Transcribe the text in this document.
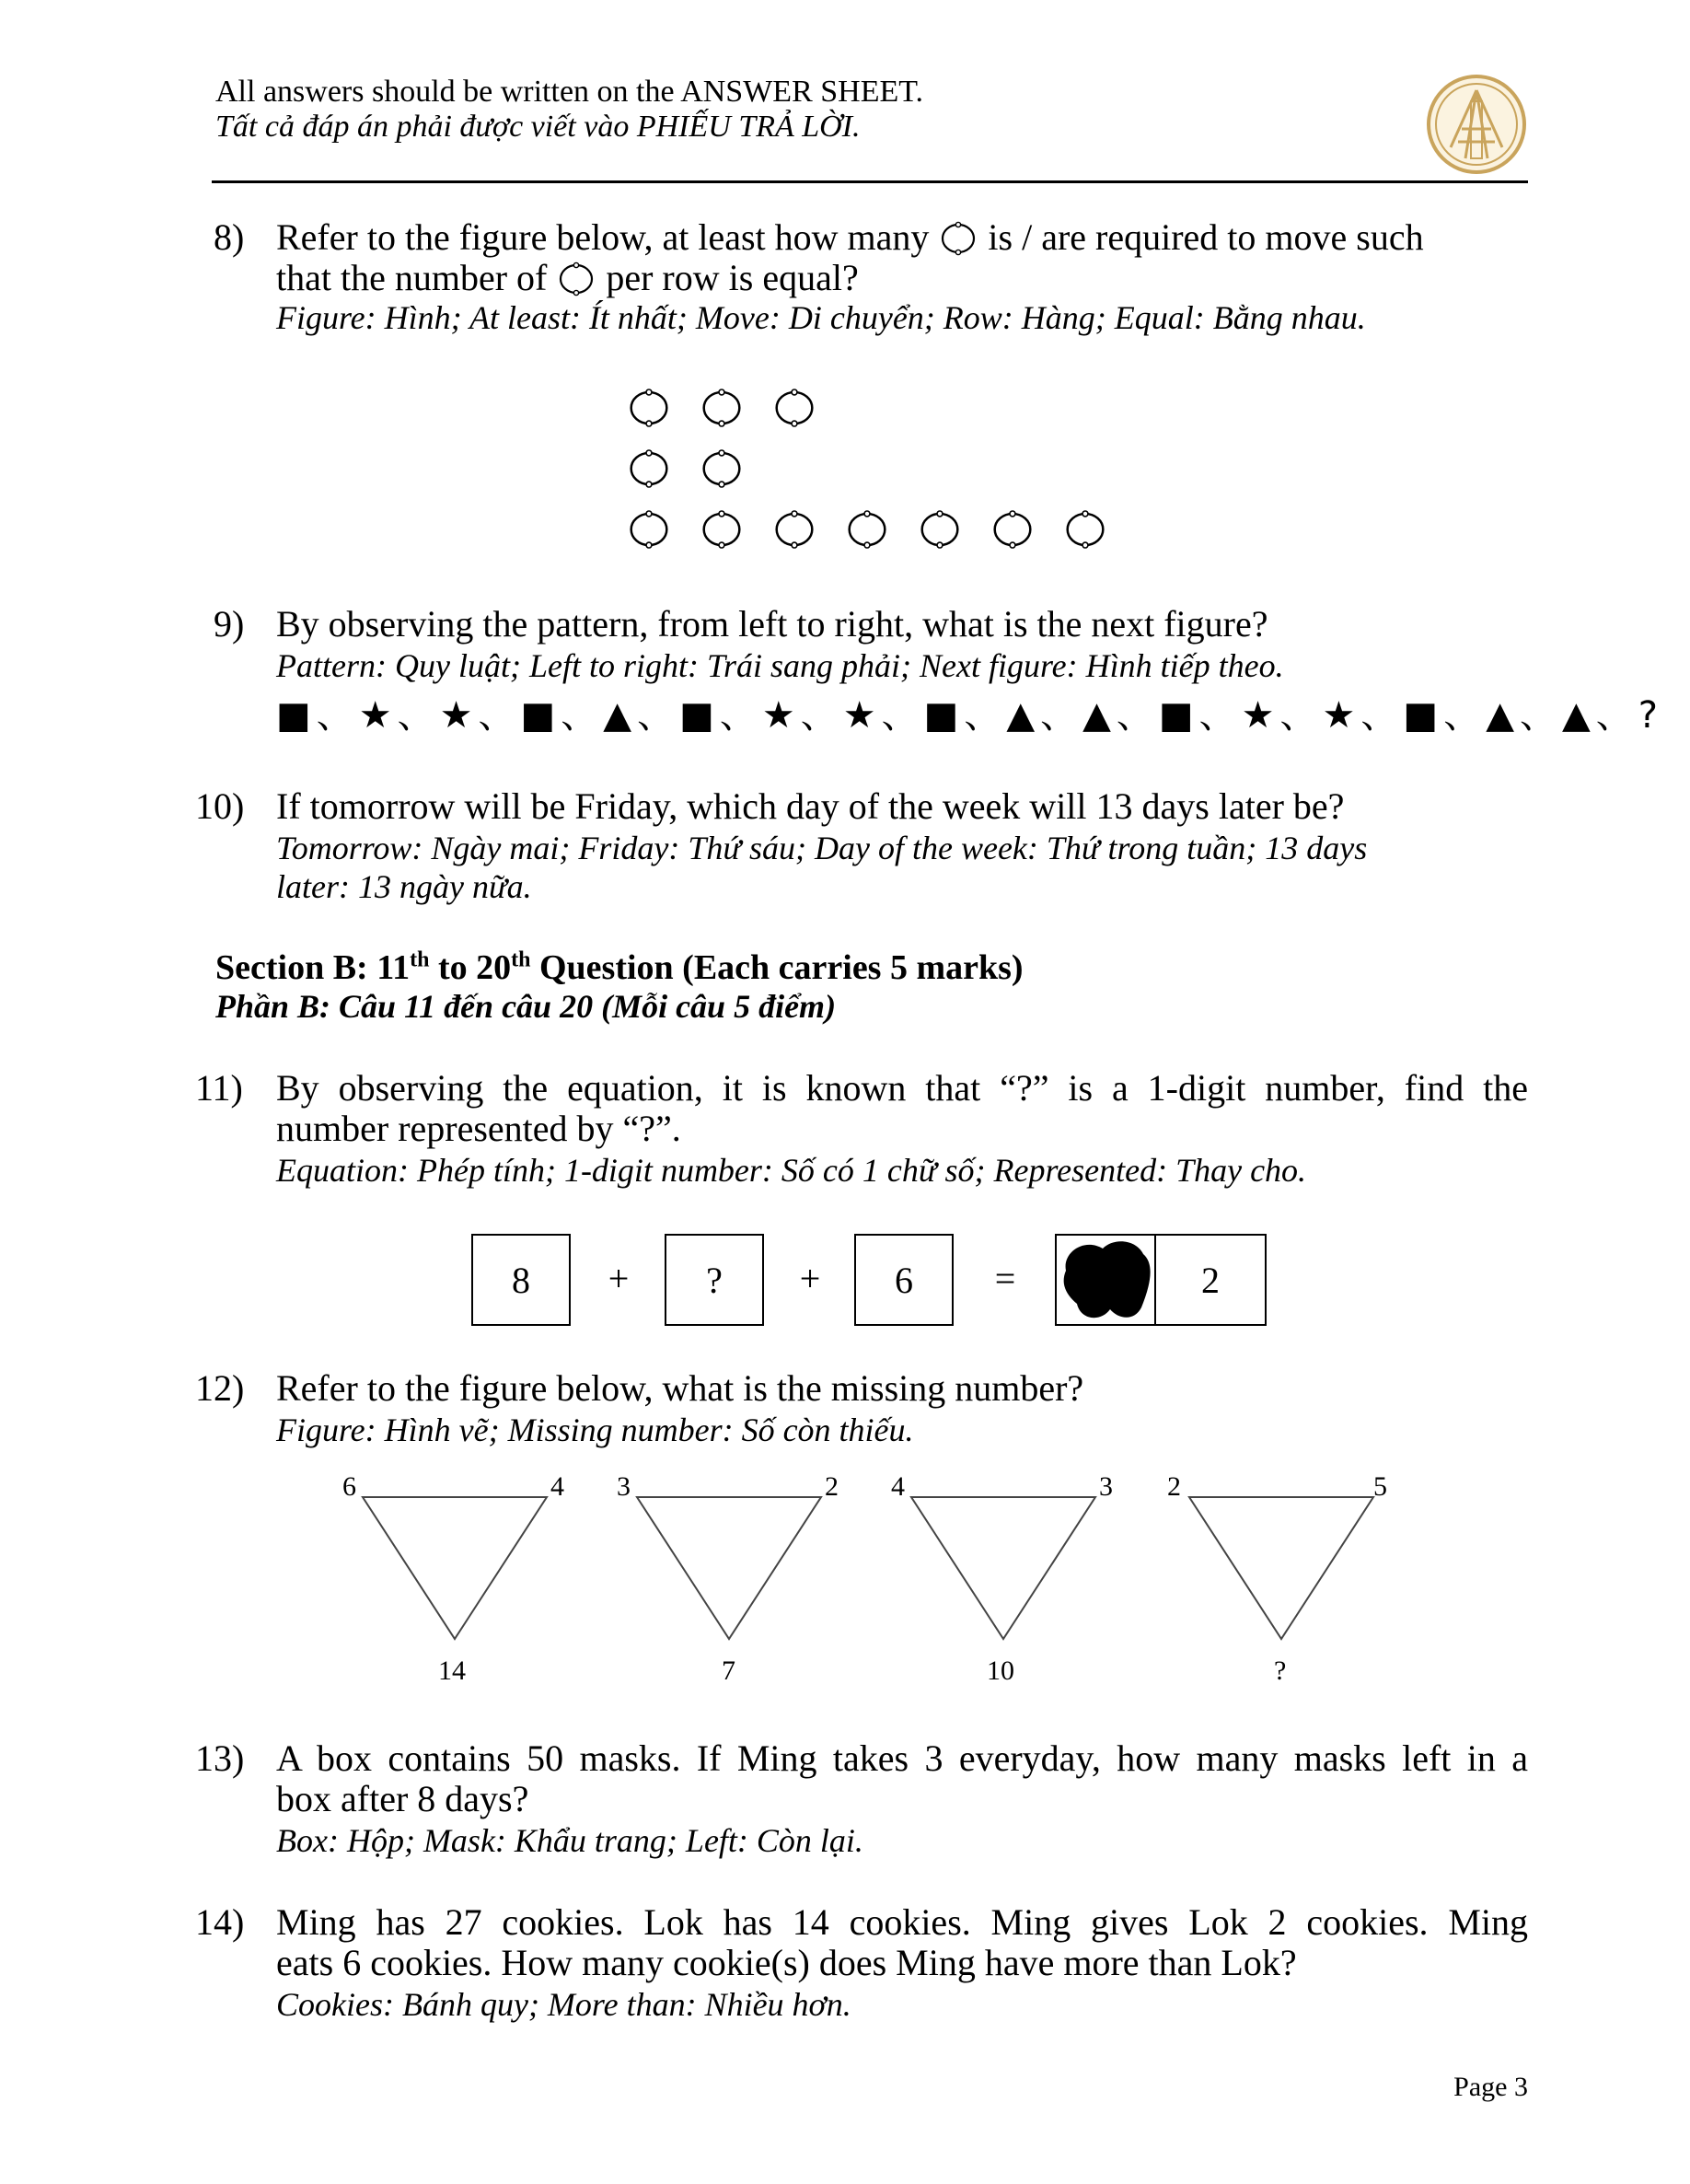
All answers should be written on the ANSWER SHEET.
Tất cả đáp án phải được viết vào PHIẾU TRẢ LỜI.
8) Refer to the figure below, at least how many is / are required to move such
that the number of per row is equal?
Figure: Hình; At least: Ít nhất; Move: Di chuyển; Row: Hàng; Equal: Bằng nhau.
9) By observing the pattern, from left to right, what is the next figure?
Pattern: Quy luật; Left to right: Trái sang phải; Next figure: Hình tiếp theo.
■、★、★、■、▲、■、★、★、■、▲、▲、■、★、★、■、▲、▲、?
10) If tomorrow will be Friday, which day of the week will 13 days later be?
Tomorrow: Ngày mai; Friday: Thứ sáu; Day of the week: Thứ trong tuần; 13 days
later: 13 ngày nữa.
Section B: 11th to 20th Question (Each carries 5 marks)
Phần B: Câu 11 đến câu 20 (Mỗi câu 5 điểm)
11) By observing the equation, it is known that “?” is a 1-digit number, find the
number represented by “?”.
Equation: Phép tính; 1-digit number: Số có 1 chữ số; Represented: Thay cho.
8	+	?	+	6	=	2
12) Refer to the figure below, what is the missing number?
Figure: Hình vẽ; Missing number: Số còn thiếu.
6	4
14
3	2
7
4	3
10
2	5
?
13) A box contains 50 masks. If Ming takes 3 everyday, how many masks left in a
box after 8 days?
Box: Hộp; Mask: Khẩu trang; Left: Còn lại.
14) Ming has 27 cookies. Lok has 14 cookies. Ming gives Lok 2 cookies. Ming
eats 6 cookies. How many cookie(s) does Ming have more than Lok?
Cookies: Bánh quy; More than: Nhiều hơn.
Page 3
